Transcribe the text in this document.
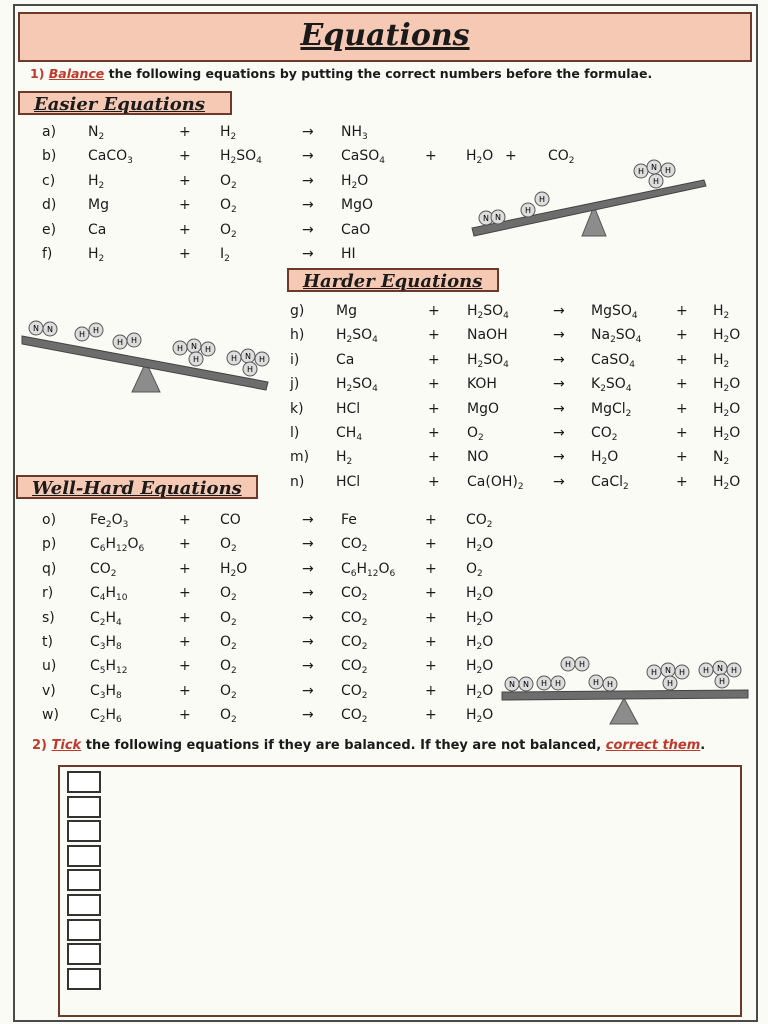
Equations
1) Balance the following equations by putting the correct numbers before the formulae.
Easier Equations
Harder Equations
Well-Hard Equations
a) $N_2$	+ $H_2$	→ $NH_3$
b) CaCO$_3$	+ $H_2SO_4$	→ CaSO$_4$	+ $H_2O + CO_2$
c) $H_2$	+ $O_2$	→ $H_2O$
d) Mg	+ $O_2$	→ MgO
e) Ca	+ $O_2$	→ CaO
f)	$H_2$	+ $I_2$	→ HI
g) Mg	+ $H_2SO_4$	→ MgSO$_4$	+ $H_2$
h) $H_2SO_4$	+ NaOH	→ $Na_2SO_4 + H_2O$
i)	Ca	+ $H_2SO_4$	→ CaSO$_4$	+ $H_2$
j)	$H_2SO_4$	+ KOH	→ $K_2SO_4$	+ $H_2O$
k) HCl	+ MgO	→ MgCl$_2$	+ $H_2O$
l)	$CH_4$	+ $O_2$	→ $CO_2$	+ $H_2O$
m) $H_2$	+ NO	→ $H_2O$	+ $N_2$
n) HCl	+ $Ca(OH)_2$ → CaCl$_2$	+ $H_2O$
o) $Fe_2O_3$	+ CO	→ Fe	+ $CO_2$
p) $C_6H_{12}O_6 + O_2$	→ $CO_2$	+ $H_2O$
q) $CO_2$	+ $H_2O$	→ $C_6H_{12}O_6 + O_2$
r)	$C_4H_{10}$	+ $O_2$	→ $CO_2$	+ $H_2O$
s)	$C_2H_4$	+ $O_2$	→ $CO_2$	+ $H_2O$
t)	$C_3H_8$	+ $O_2$	→ $CO_2$	+ $H_2O$
u) $C_5H_{12}$	+ $O_2$	→ $CO_2$	+ $H_2O$
v) $C_3H_8$	+ $O_2$	→ $CO_2$	+ $H_2O$
w) $C_2H_6$	+ $O_2$	→ $CO_2$	+ $H_2O$
2) Tick the following equations if they are balanced. If they are not balanced, correct them.
N N
H
H
H N H
H
N N
H H
H H
H N H
H	H N H
H
N N H H
H H
H H
H N H
H
H N H
H
